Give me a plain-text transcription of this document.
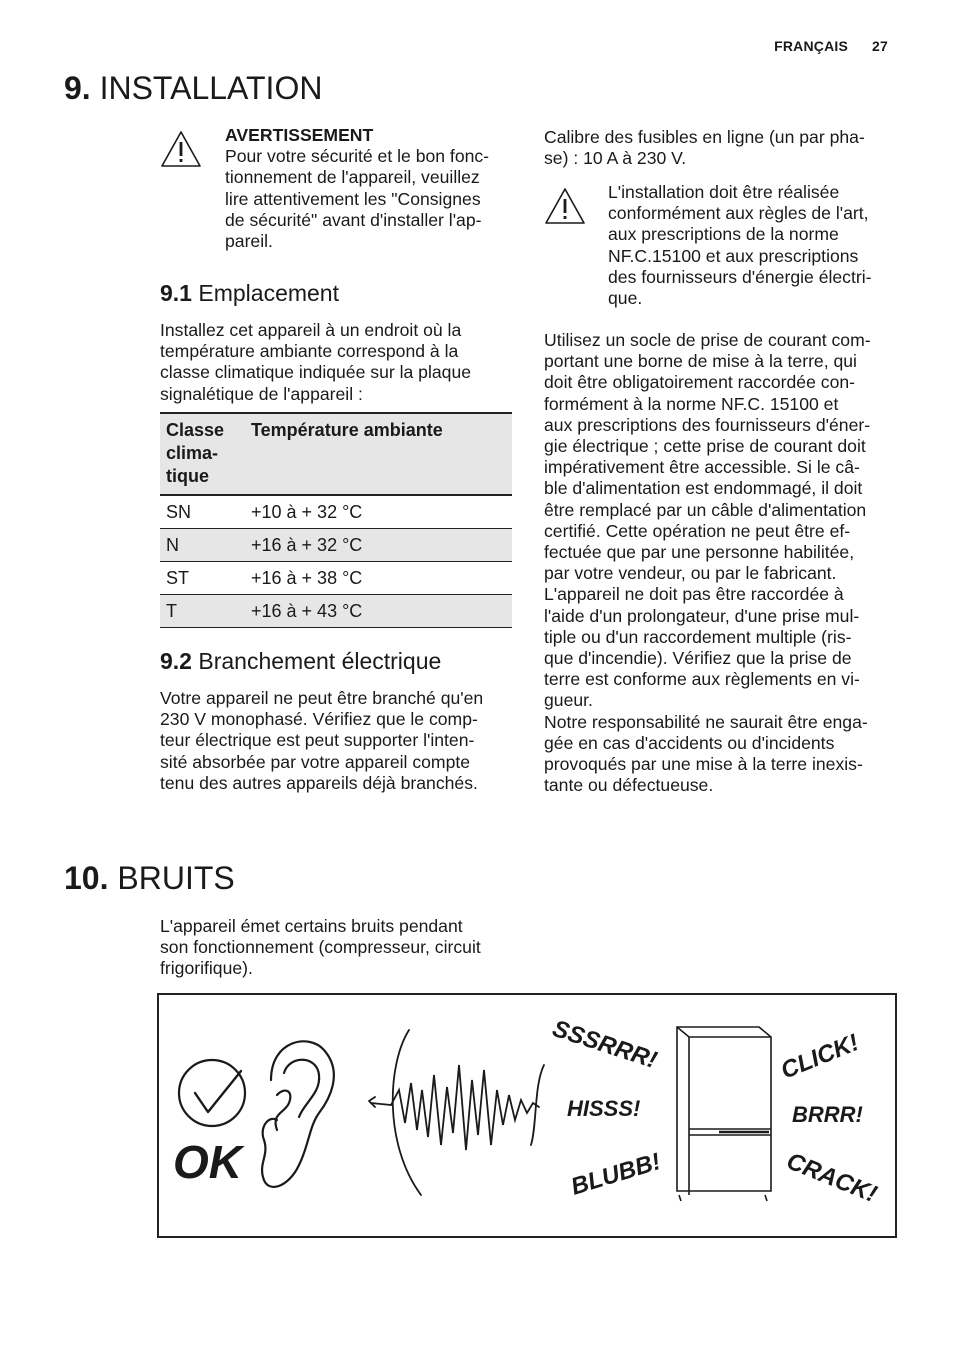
FRANÇAIS 27
9. INSTALLATION
AVERTISSEMENT

Pour votre sécurité et le bon fonc-

tionnement de l'appareil, veuillez

lire attentivement les "Consignes

de sécurité" avant d'installer l'ap-

pareil.

9.1 Emplacement

Installez cet appareil à un endroit où la

température ambiante correspond à la

classe climatique indiquée sur la plaque

signalétique de l'appareil :

Classe
clima-
tique	Température ambiante
SN	+10 à + 32 °C
N	+16 à + 32 °C
ST	+16 à + 38 °C
T	+16 à + 43 °C
9.2 Branchement électrique

Votre appareil ne peut être branché qu'en

230 V monophasé. Vérifiez que le comp-

teur électrique est peut supporter l'inten-

sité absorbée par votre appareil compte

tenu des autres appareils déjà branchés.

Calibre des fusibles en ligne (un par pha-

se) : 10 A à 230 V.

L'installation doit être réalisée

conformément aux règles de l'art,

aux prescriptions de la norme

NF.C.15100 et aux prescriptions

des fournisseurs d'énergie électri-

que.

Utilisez un socle de prise de courant com-

portant une borne de mise à la terre, qui

doit être obligatoirement raccordée con-

formément à la norme NF.C. 15100 et

aux prescriptions des fournisseurs d'éner-

gie électrique ; cette prise de courant doit

impérativement être accessible. Si le câ-

ble d'alimentation est endommagé, il doit

être remplacé par un câble d'alimentation

certifié. Cette opération ne peut être ef-

fectuée que par une personne habilitée,

par votre vendeur, ou par le fabricant.

L'appareil ne doit pas être raccordée à

l'aide d'un prolongateur, d'une prise mul-

tiple ou d'un raccordement multiple (ris-

que d'incendie). Vérifiez que la prise de

terre est conforme aux règlements en vi-

gueur.

Notre responsabilité ne saurait être enga-

gée en cas d'accidents ou d'incidents

provoqués par une mise à la terre inexis-

tante ou défectueuse.

10. BRUITS

L'appareil émet certains bruits pendant

son fonctionnement (compresseur, circuit

frigorifique).

OK
SSSRRR!
HISSS!
BLUBB!
CLICK!
BRRR!
CRACK!
